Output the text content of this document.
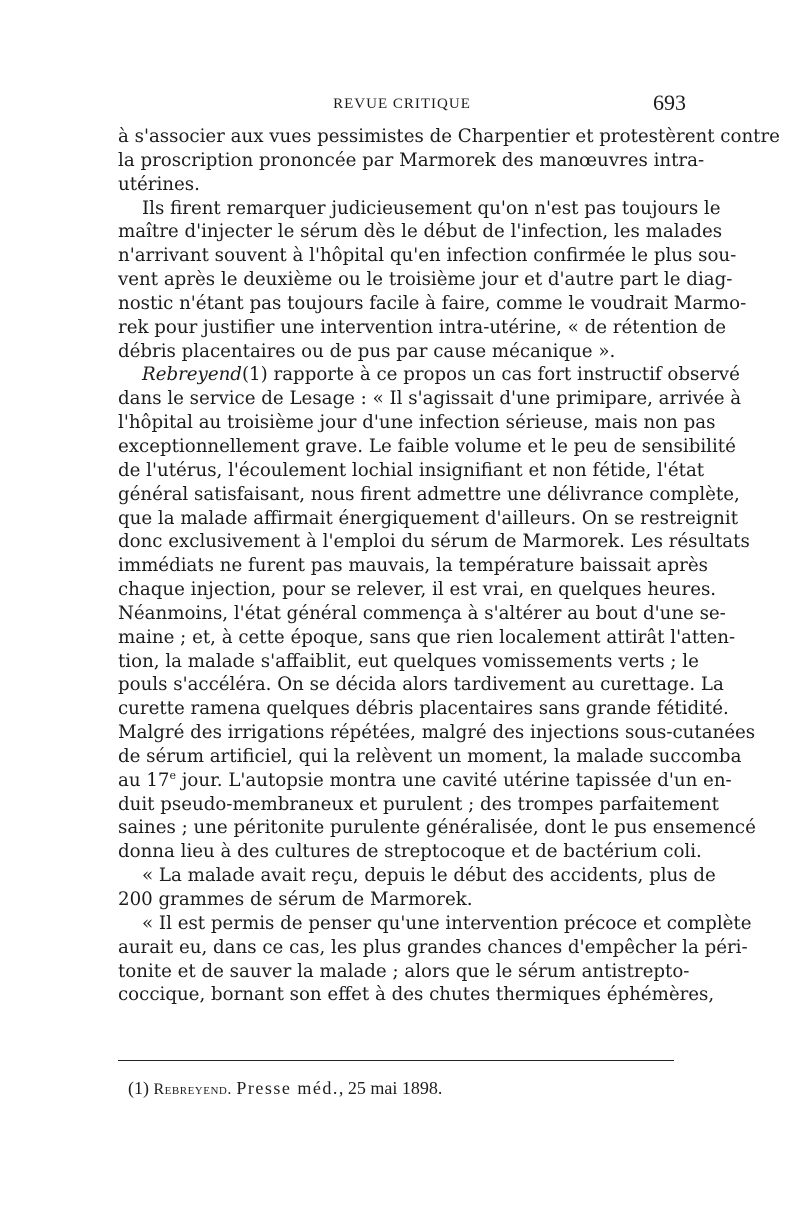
REVUE CRITIQUE	693
à s'associer aux vues pessimistes de Charpentier et protestèrent contre
la proscription prononcée par Marmorek des manœuvres intra-
utérines.
Ils firent remarquer judicieusement qu'on n'est pas toujours le
maître d'injecter le sérum dès le début de l'infection, les malades
n'arrivant souvent à l'hôpital qu'en infection confirmée le plus sou-
vent après le deuxième ou le troisième jour et d'autre part le diag-
nostic n'étant pas toujours facile à faire, comme le voudrait Marmo-
rek pour justifier une intervention intra-utérine, « de rétention de
débris placentaires ou de pus par cause mécanique ».
Rebreyend(1) rapporte à ce propos un cas fort instructif observé
dans le service de Lesage : « Il s'agissait d'une primipare, arrivée à
l'hôpital au troisième jour d'une infection sérieuse, mais non pas
exceptionnellement grave. Le faible volume et le peu de sensibilité
de l'utérus, l'écoulement lochial insignifiant et non fétide, l'état
général satisfaisant, nous firent admettre une délivrance complète,
que la malade affirmait énergiquement d'ailleurs. On se restreignit
donc exclusivement à l'emploi du sérum de Marmorek. Les résultats
immédiats ne furent pas mauvais, la température baissait après
chaque injection, pour se relever, il est vrai, en quelques heures.
Néanmoins, l'état général commença à s'altérer au bout d'une se-
maine ; et, à cette époque, sans que rien localement attirât l'atten-
tion, la malade s'affaiblit, eut quelques vomissements verts ; le
pouls s'accéléra. On se décida alors tardivement au curettage. La
curette ramena quelques débris placentaires sans grande fétidité.
Malgré des irrigations répétées, malgré des injections sous-cutanées
de sérum artificiel, qui la relèvent un moment, la malade succomba
au 17e jour. L'autopsie montra une cavité utérine tapissée d'un en-
duit pseudo-membraneux et purulent ; des trompes parfaitement
saines ; une péritonite purulente généralisée, dont le pus ensemencé
donna lieu à des cultures de streptocoque et de bactérium coli.
« La malade avait reçu, depuis le début des accidents, plus de
200 grammes de sérum de Marmorek.
« Il est permis de penser qu'une intervention précoce et complète
aurait eu, dans ce cas, les plus grandes chances d'empêcher la péri-
tonite et de sauver la malade ; alors que le sérum antistrepto-
coccique, bornant son effet à des chutes thermiques éphémères,
(1) Rebreyend. Presse méd., 25 mai 1898.
